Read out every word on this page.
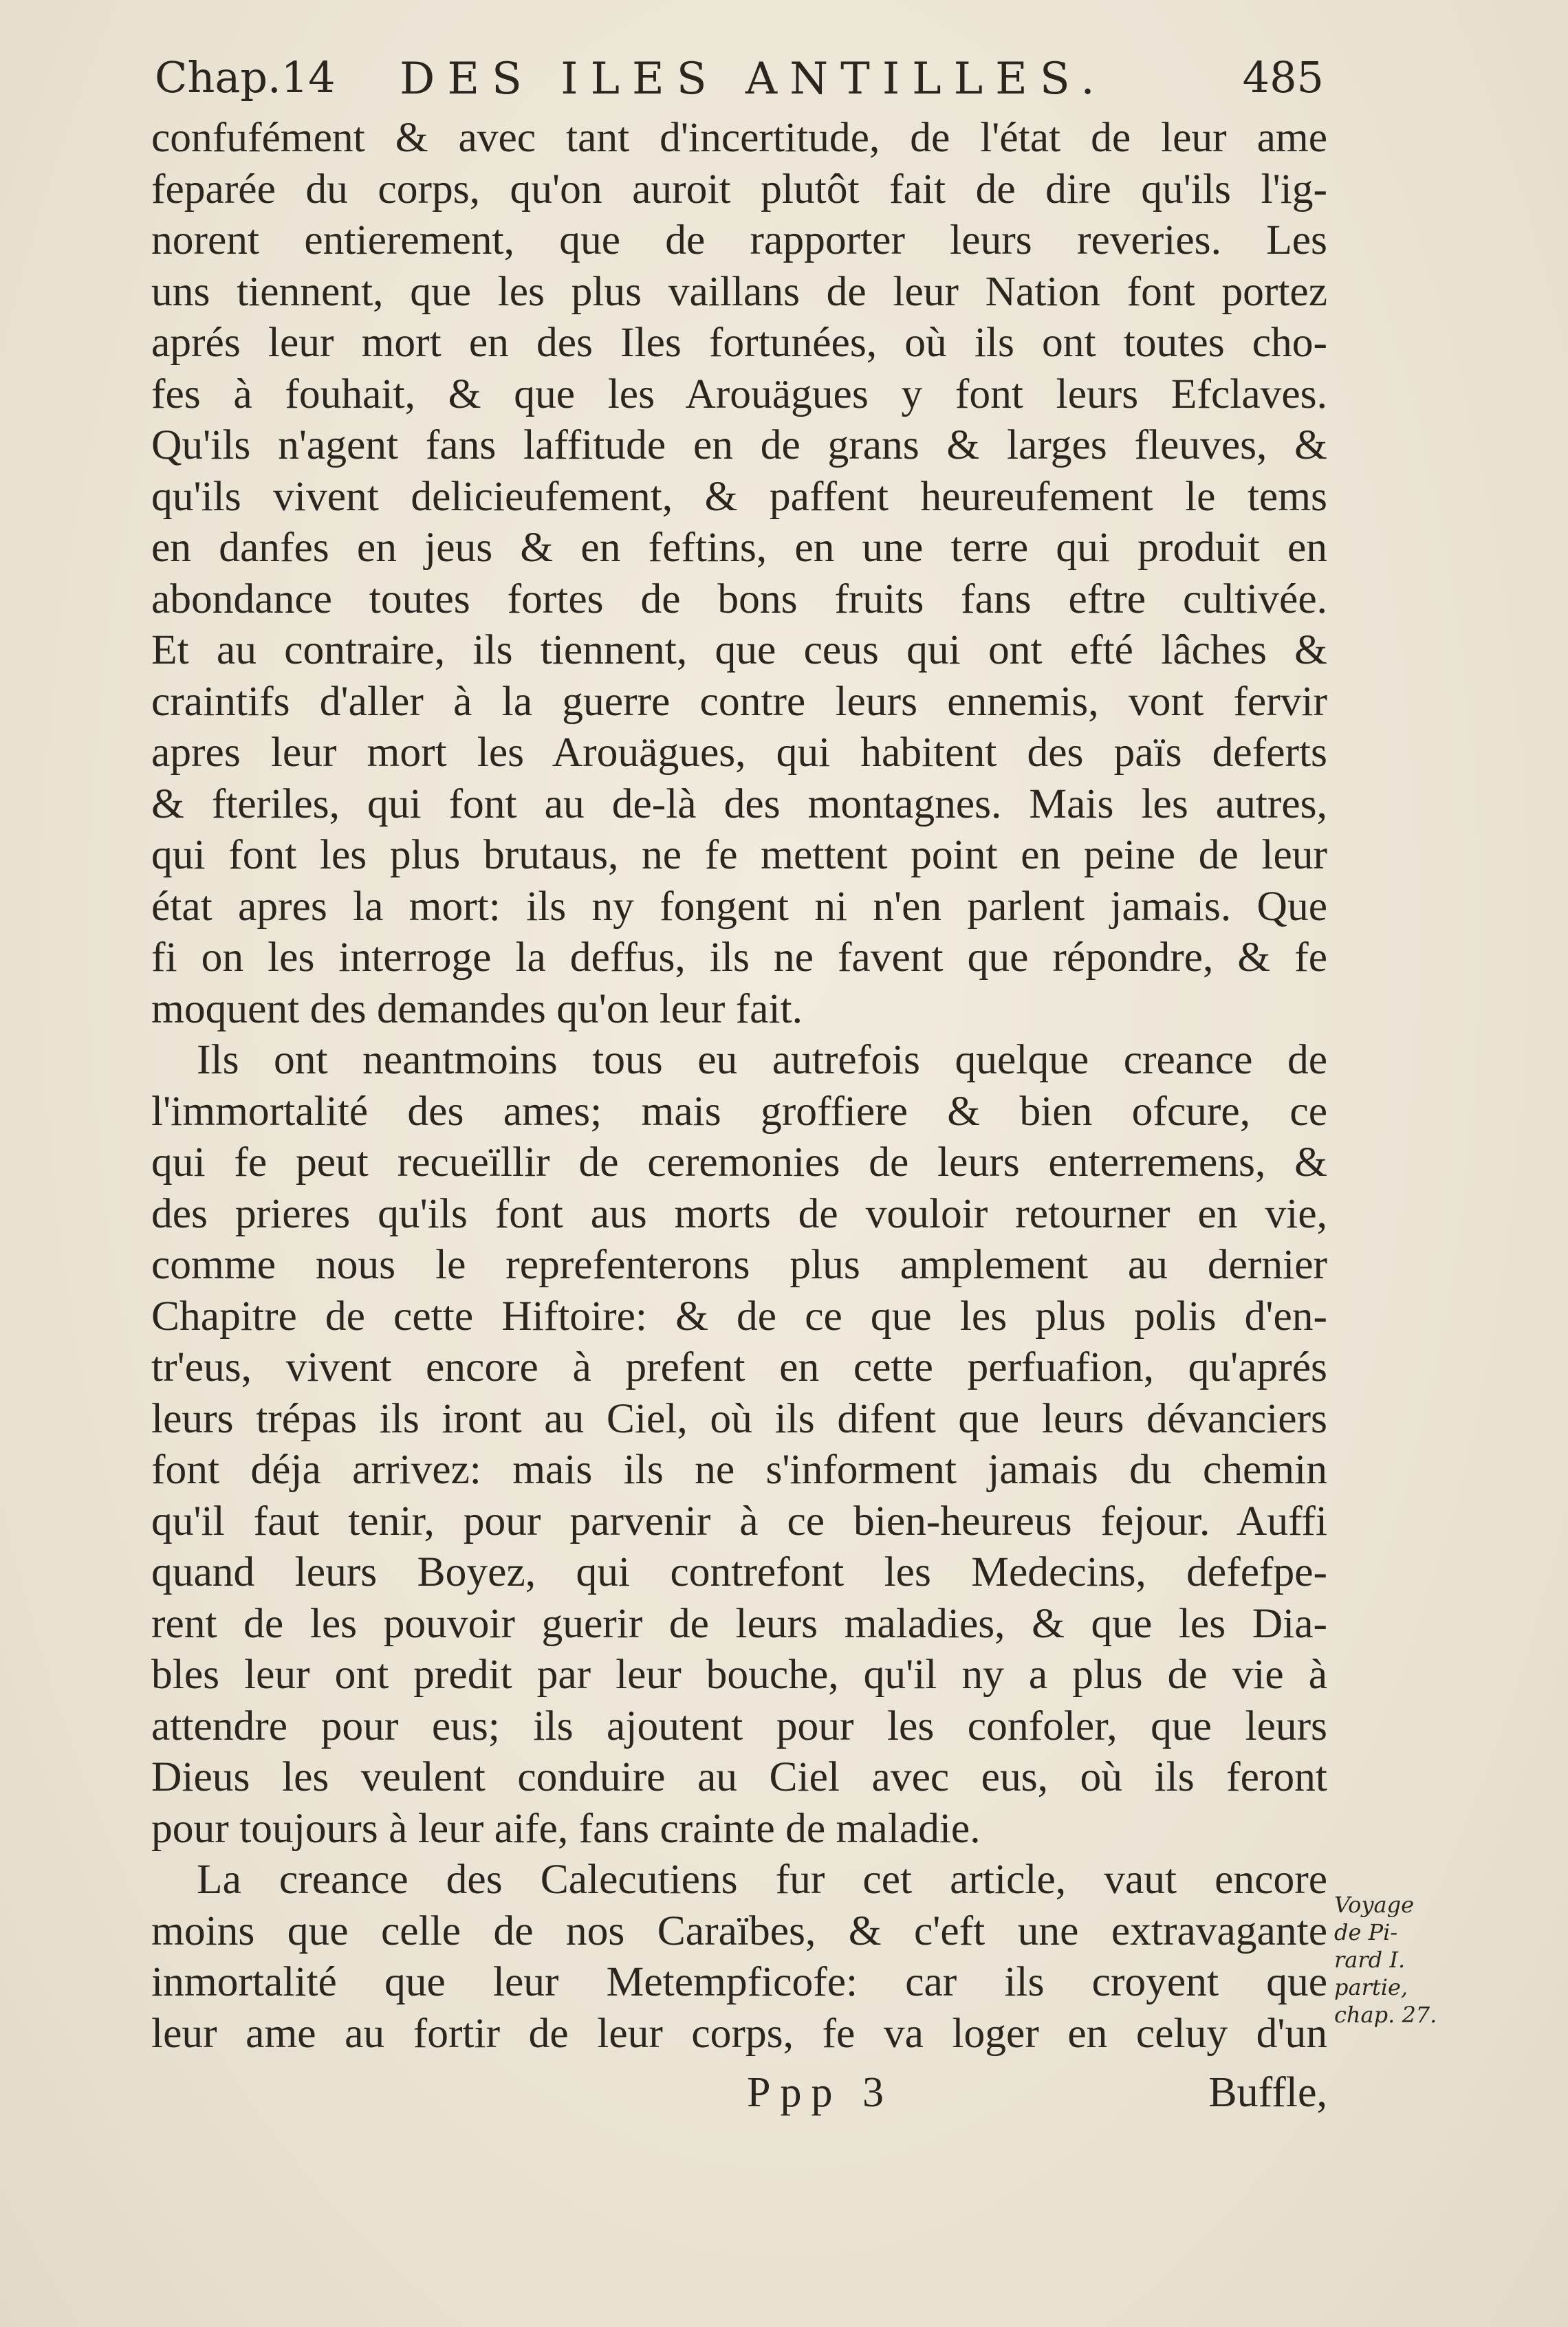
Chap.14 DES ILES ANTILLES.	485
confufément & avec tant d'incertitude, de l'état de leur ame
feparée du corps, qu'on auroit plutôt fait de dire qu'ils l'ig-
norent entierement, que de rapporter leurs reveries. Les
uns tiennent, que les plus vaillans de leur Nation font portez
aprés leur mort en des Iles fortunées, où ils ont toutes cho-
fes à fouhait, & que les Arouägues y font leurs Efclaves.
Qu'ils n'agent fans laffitude en de grans & larges fleuves, &
qu'ils vivent delicieufement, & paffent heureufement le tems
en danfes en jeus & en feftins, en une terre qui produit en
abondance toutes fortes de bons fruits fans eftre cultivée.
Et au contraire, ils tiennent, que ceus qui ont efté lâches &
craintifs d'aller à la guerre contre leurs ennemis, vont fervir
apres leur mort les Arouägues, qui habitent des païs deferts
& fteriles, qui font au de-là des montagnes. Mais les autres,
qui font les plus brutaus, ne fe mettent point en peine de leur
état apres la mort: ils ny fongent ni n'en parlent jamais. Que
fi on les interroge la deffus, ils ne favent que répondre, & fe
moquent des demandes qu'on leur fait.
Ils ont neantmoins tous eu autrefois quelque creance de
l'immortalité des ames; mais groffiere & bien ofcure, ce
qui fe peut recueïllir de ceremonies de leurs enterremens, &
des prieres qu'ils font aus morts de vouloir retourner en vie,
comme nous le reprefenterons plus amplement au dernier
Chapitre de cette Hiftoire: & de ce que les plus polis d'en-
tr'eus, vivent encore à prefent en cette perfuafion, qu'aprés
leurs trépas ils iront au Ciel, où ils difent que leurs dévanciers
font déja arrivez: mais ils ne s'informent jamais du chemin
qu'il faut tenir, pour parvenir à ce bien-heureus fejour. Auffi
quand leurs Boyez, qui contrefont les Medecins, defefpe-
rent de les pouvoir guerir de leurs maladies, & que les Dia-
bles leur ont predit par leur bouche, qu'il ny a plus de vie à
attendre pour eus; ils ajoutent pour les confoler, que leurs
Dieus les veulent conduire au Ciel avec eus, où ils feront
pour toujours à leur aife, fans crainte de maladie.
La creance des Calecutiens fur cet article, vaut encore
moins que celle de nos Caraïbes, & c'eft une extravagante
inmortalité que leur Metempficofe: car ils croyent que
leur ame au fortir de leur corps, fe va loger en celuy d'un
Voyage
de Pi-
rard I.
partie,
chap. 27.
Ppp 3	Buffle,
